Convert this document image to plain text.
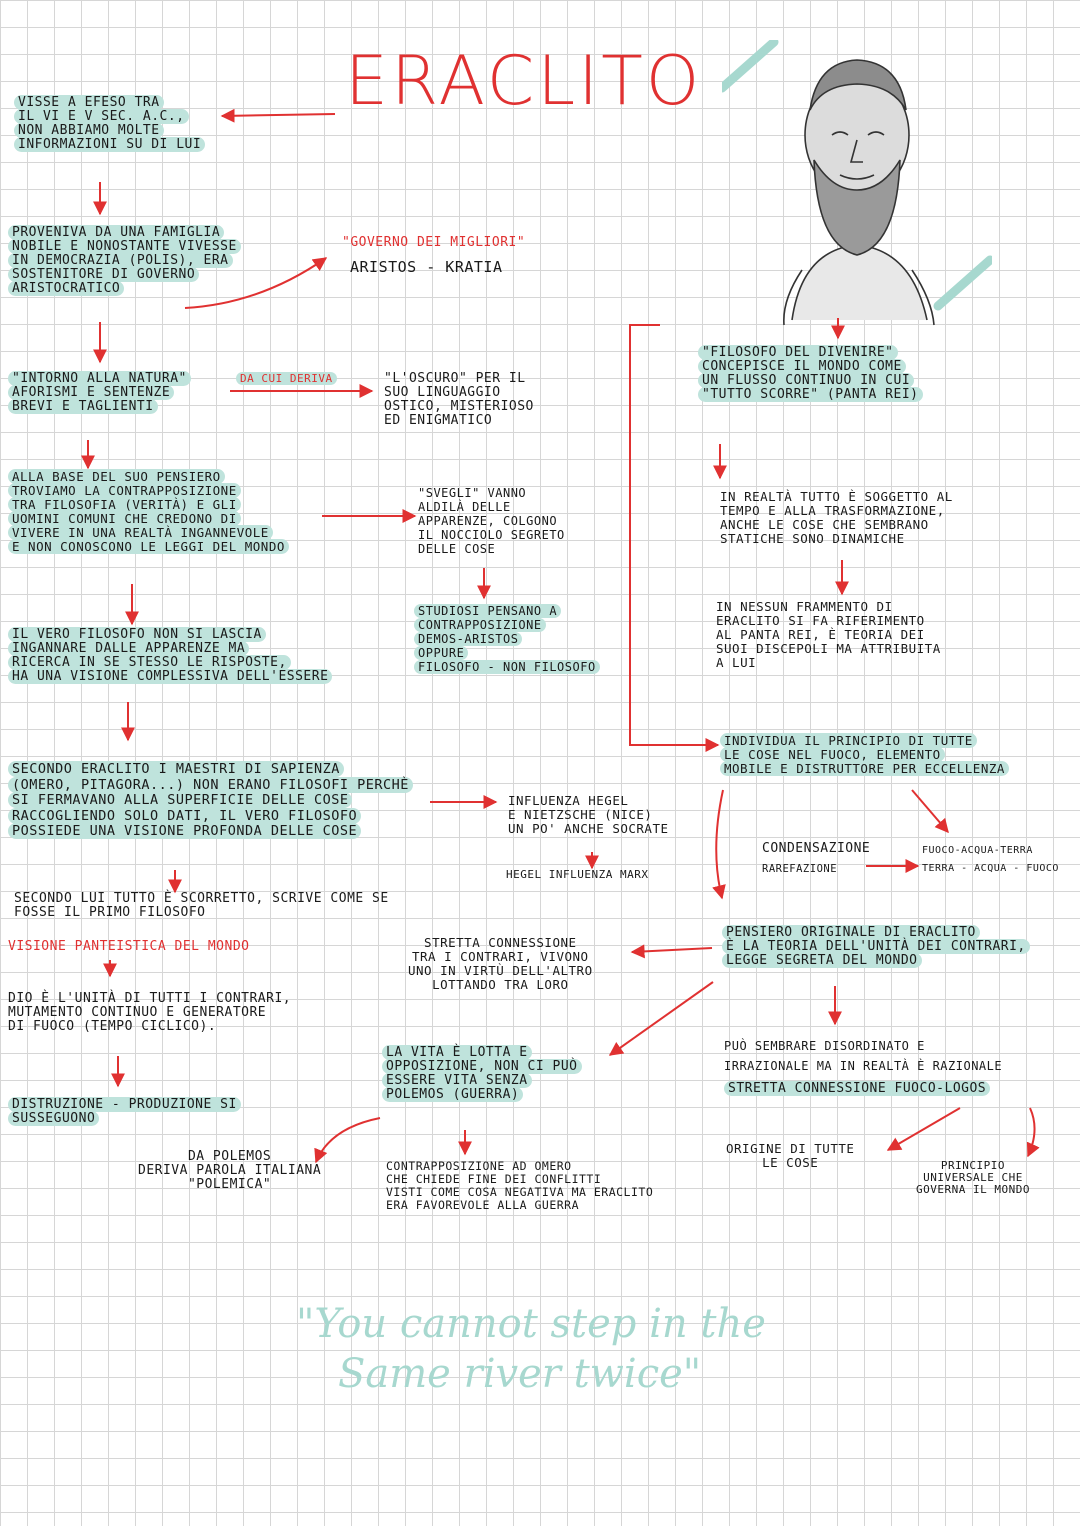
ERACLITO

VISSE A EFESO TRA
IL VI E V SEC. A.C.,
NON ABBIAMO MOLTE
INFORMAZIONI SU DI LUI

PROVENIVA DA UNA FAMIGLIA
NOBILE E NONOSTANTE VIVESSE
IN DEMOCRAZIA (POLIS), ERA
SOSTENITORE DI GOVERNO
ARISTOCRATICO

"INTORNO ALLA NATURA"
AFORISMI E SENTENZE
BREVI E TAGLIENTI

DA CUI DERIVA

ALLA BASE DEL SUO PENSIERO
TROVIAMO LA CONTRAPPOSIZIONE
TRA FILOSOFIA (VERITÀ) E GLI
UOMINI COMUNI CHE CREDONO DI
VIVERE IN UNA REALTÀ INGANNEVOLE
E NON CONOSCONO LE LEGGI DEL MONDO

IL VERO FILOSOFO NON SI LASCIA
INGANNARE DALLE APPARENZE MA
RICERCA IN SE STESSO LE RISPOSTE,
HA UNA VISIONE COMPLESSIVA DELL'ESSERE

SECONDO ERACLITO I MAESTRI DI SAPIENZA
(OMERO, PITAGORA...) NON ERANO FILOSOFI PERCHÈ
SI FERMAVANO ALLA SUPERFICIE DELLE COSE
RACCOGLIENDO SOLO DATI, IL VERO FILOSOFO
POSSIEDE UNA VISIONE PROFONDA DELLE COSE

SECONDO LUI TUTTO È SCORRETTO, SCRIVE COME SE
FOSSE IL PRIMO FILOSOFO

VISIONE PANTEISTICA DEL MONDO

DIO È L'UNITÀ DI TUTTI I CONTRARI,
MUTAMENTO CONTINUO E GENERATORE
DI FUOCO (TEMPO CICLICO).

DISTRUZIONE - PRODUZIONE SI
SUSSEGUONO

DA POLEMOS
DERIVA PAROLA ITALIANA
"POLEMICA"

"GOVERNO DEI MIGLIORI"

ARISTOS - KRATIA

"L'OSCURO" PER IL
SUO LINGUAGGIO
OSTICO, MISTERIOSO
ED ENIGMATICO

"SVEGLI" VANNO
ALDILÀ DELLE
APPARENZE, COLGONO
IL NOCCIOLO SEGRETO
DELLE COSE

STUDIOSI PENSANO A
CONTRAPPOSIZIONE
DEMOS-ARISTOS
OPPURE
FILOSOFO - NON FILOSOFO

INFLUENZA HEGEL
E NIETZSCHE (NICE)
UN PO' ANCHE SOCRATE

HEGEL INFLUENZA MARX

STRETTA CONNESSIONE
TRA I CONTRARI, VIVONO
UNO IN VIRTÙ DELL'ALTRO
LOTTANDO TRA LORO

LA VITA È LOTTA E
OPPOSIZIONE, NON CI PUÒ
ESSERE VITA SENZA
POLEMOS (GUERRA)

CONTRAPPOSIZIONE AD OMERO
CHE CHIEDE FINE DEI CONFLITTI
VISTI COME COSA NEGATIVA MA ERACLITO
ERA FAVOREVOLE ALLA GUERRA

"FILOSOFO DEL DIVENIRE"
CONCEPISCE IL MONDO COME
UN FLUSSO CONTINUO IN CUI
"TUTTO SCORRE" (PANTA REI)

IN REALTÀ TUTTO È SOGGETTO AL
TEMPO E ALLA TRASFORMAZIONE,
ANCHE LE COSE CHE SEMBRANO
STATICHE SONO DINAMICHE

IN NESSUN FRAMMENTO DI
ERACLITO SI FA RIFERIMENTO
AL PANTA REI, È TEORIA DEI
SUOI DISCEPOLI MA ATTRIBUITA
A LUI

INDIVIDUA IL PRINCIPIO DI TUTTE
LE COSE NEL FUOCO, ELEMENTO
MOBILE E DISTRUTTORE PER ECCELLENZA

CONDENSAZIONE	FUOCO-ACQUA-TERRA

RAREFAZIONE	TERRA - ACQUA - FUOCO

PENSIERO ORIGINALE DI ERACLITO
È LA TEORIA DELL'UNITÀ DEI CONTRARI,
LEGGE SEGRETA DEL MONDO

PUÒ SEMBRARE DISORDINATO E
IRRAZIONALE MA IN REALTÀ È RAZIONALE

STRETTA CONNESSIONE FUOCO-LOGOS

ORIGINE DI TUTTE
LE COSE	PRINCIPIO
UNIVERSALE CHE
GOVERNA IL MONDO

"You cannot step in the

Same river twice"
